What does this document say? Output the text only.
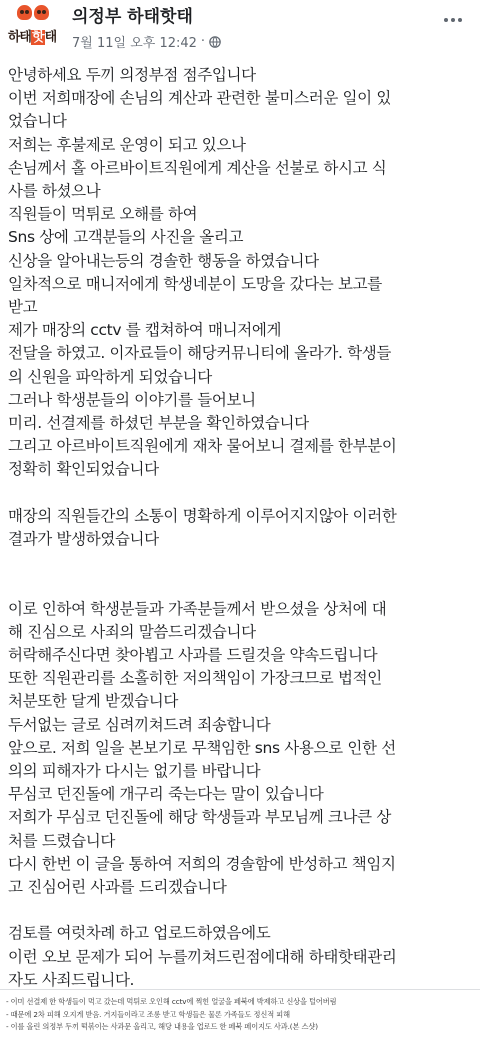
하태핫태
의정부 하태핫태
7월 11일 오후 12:42 ·
안녕하세요 두끼 의정부점 점주입니다
이번 저희매장에 손님의 계산과 관련한 불미스러운 일이 있
었습니다
저희는 후불제로 운영이 되고 있으나
손님께서 홀 아르바이트직원에게 계산을 선불로 하시고 식
사를 하셨으나
직원들이 먹튀로 오해를 하여
Sns 상에 고객분들의 사진을 올리고
신상을 알아내는등의 경솔한 행동을 하였습니다
일차적으로 매니저에게 학생네분이 도망을 갔다는 보고를
받고
제가 매장의 cctv 를 캡쳐하여 매니저에게
전달을 하였고. 이자료들이 해당커뮤니티에 올라가. 학생들
의 신원을 파악하게 되었습니다
그러나 학생분들의 이야기를 들어보니
미리. 선결제를 하셨던 부분을 확인하였습니다
그리고 아르바이트직원에게 재차 물어보니 결제를 한부분이
정확히 확인되었습니다
매장의 직원들간의 소통이 명확하게 이루어지지않아 이러한
결과가 발생하였습니다
이로 인하여 학생분들과 가족분들께서 받으셨을 상처에 대
해 진심으로 사죄의 말씀드리겠습니다
허락해주신다면 찾아뵙고 사과를 드릴것을 약속드립니다
또한 직원관리를 소홀히한 저의책임이 가장크므로 법적인
처분또한 달게 받겠습니다
두서없는 글로 심려끼쳐드려 죄송합니다
앞으로. 저희 일을 본보기로 무책임한 sns 사용으로 인한 선
의의 피해자가 다시는 없기를 바랍니다
무심코 던진돌에 개구리 죽는다는 말이 있습니다
저희가 무심코 던진돌에 해당 학생들과 부모님께 크나큰 상
처를 드렸습니다
다시 한번 이 글을 통하여 저희의 경솔함에 반성하고 책임지
고 진심어린 사과를 드리겠습니다
검토를 여럿차례 하고 업로드하였음에도
이런 오보 문제가 되어 누를끼쳐드린점에대해 하태핫태관리
자도 사죄드립니다.
- 이미 선결제 한 학생들이 먹고 갔는데 먹튀로 오인해 cctv에 찍힌 얼굴을 페북에 박제하고 신상을 털어버림
- 때문에 2차 피해 오지게 받음. 거지들이라고 조롱 받고 학생들은 물론 가족들도 정신적 피해
- 이를 올린 의정부 두끼 떡볶이는 사과문 올리고, 해당 내용을 업로드 한 페북 페이지도 사과.(본 스샷)
